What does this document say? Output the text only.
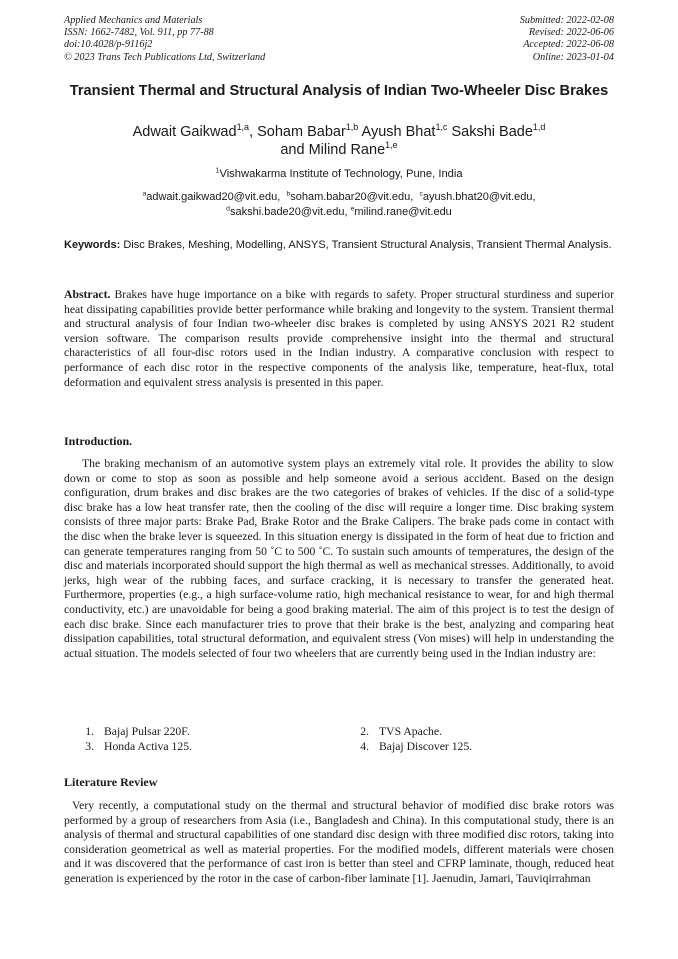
Applied Mechanics and Materials
ISSN: 1662-7482, Vol. 911, pp 77-88
doi:10.4028/p-9116j2
© 2023 Trans Tech Publications Ltd, Switzerland
Submitted: 2022-02-08
Revised: 2022-06-06
Accepted: 2022-06-08
Online: 2023-01-04
Transient Thermal and Structural Analysis of Indian Two-Wheeler Disc Brakes
Adwait Gaikwad$^{1,a}$, Soham Babar$^{1,b}$ Ayush Bhat$^{1,c}$ Sakshi Bade$^{1,d}$
and Milind Rane$^{1,e}$
$^1$Vishwakarma Institute of Technology, Pune, India
$^a$adwait.gaikwad20@vit.edu,  $^b$soham.babar20@vit.edu,  $^c$ayush.bhat20@vit.edu,
$^d$sakshi.bade20@vit.edu, $^e$milind.rane@vit.edu
Keywords: Disc Brakes, Meshing, Modelling, ANSYS, Transient Structural Analysis, Transient Thermal Analysis.
Abstract. Brakes have huge importance on a bike with regards to safety. Proper structural sturdiness and superior heat dissipating capabilities provide better performance while braking and longevity to the system. Transient thermal and structural analysis of four Indian two-wheeler disc brakes is completed by using ANSYS 2021 R2 student version software. The comparison results provide comprehensive insight into the thermal and structural characteristics of all four-disc rotors used in the Indian industry. A comparative conclusion with respect to performance of each disc rotor in the respective components of the analysis like, temperature, heat-flux, total deformation and equivalent stress analysis is presented in this paper.
Introduction.

The braking mechanism of an automotive system plays an extremely vital role. It provides the ability to slow down or come to stop as soon as possible and help someone avoid a serious accident. Based on the design configuration, drum brakes and disc brakes are the two categories of brakes of vehicles. If the disc of a solid-type disc brake has a low heat transfer rate, then the cooling of the disc will require a longer time. Disc braking system consists of three major parts: Brake Pad, Brake Rotor and the Brake Calipers. The brake pads come in contact with the disc when the brake lever is squeezed. In this situation energy is dissipated in the form of heat due to friction and can generate temperatures ranging from 50 ˚C to 500 ˚C. To sustain such amounts of temperatures, the design of the disc and materials incorporated should support the high thermal as well as mechanical stresses. Additionally, to avoid jerks, high wear of the rubbing faces, and surface cracking, it is necessary to transfer the generated heat. Furthermore, properties (e.g., a high surface-volume ratio, high mechanical resistance to wear, for and high thermal conductivity, etc.) are unavoidable for being a good braking material. The aim of this project is to test the design of each disc brake. Since each manufacturer tries to prove that their brake is the best, analyzing and comparing heat dissipation capabilities, total structural deformation, and equivalent stress (Von mises) will help in understanding the actual situation. The models selected of four two wheelers that are currently being used in the Indian industry are:

1. Bajaj Pulsar 220F.	2. TVS Apache.
3. Honda Activa 125.	4. Bajaj Discover 125.
Literature Review

Very recently, a computational study on the thermal and structural behavior of modified disc brake rotors was performed by a group of researchers from Asia (i.e., Bangladesh and China). In this computational study, there is an analysis of thermal and structural capabilities of one standard disc design with three modified disc rotors, taking into consideration geometrical as well as material properties. For the modified models, different materials were chosen and it was discovered that the performance of cast iron is better than steel and CFRP laminate, though, reduced heat generation is experienced by the rotor in the case of carbon-fiber laminate [1]. Jaenudin, Jamari, Tauviqirrahman
